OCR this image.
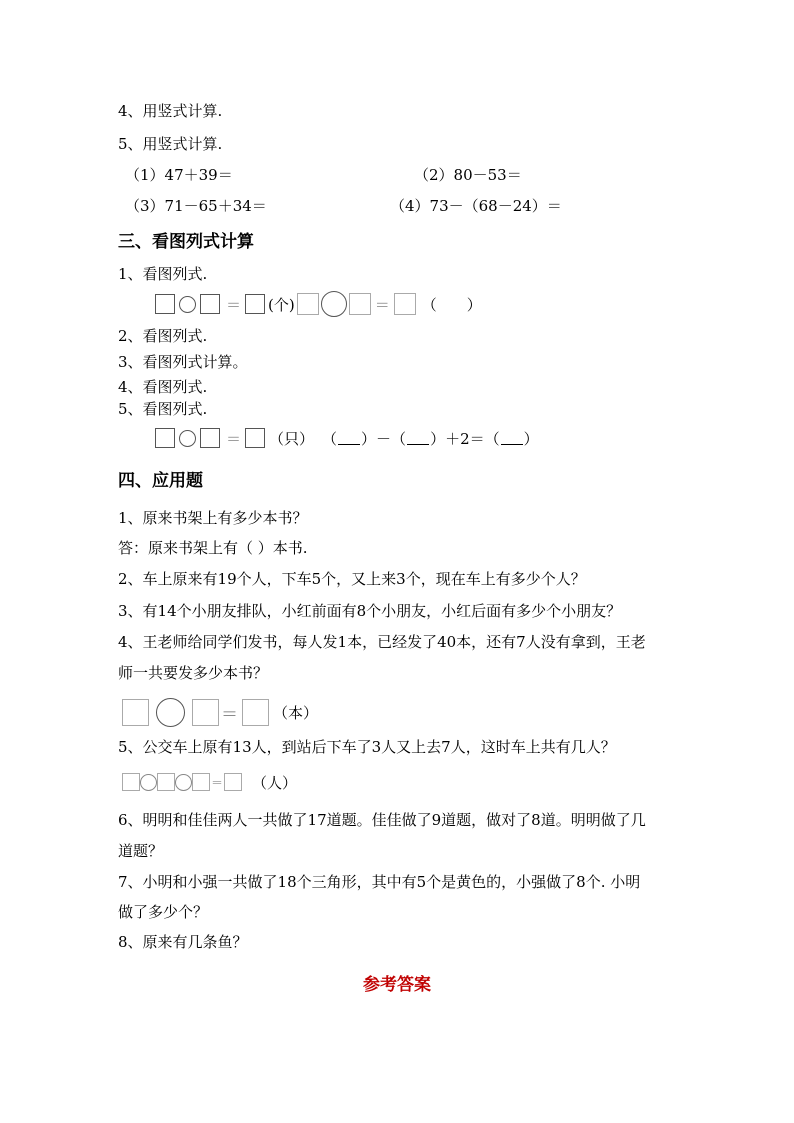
4、用竖式计算.
5、用竖式计算.
（1）47＋39＝	（2）80－53＝
（3）71－65＋34＝	（4）73－（68－24）＝
三、看图列式计算
1、看图列式.
＝ (个)	＝ （　　）
2、看图列式.
3、看图列式计算。
4、看图列式.
5、看图列式.
＝ （只） （ ）－（ ）＋2＝（ ）
四、应用题
1、原来书架上有多少本书？
答：原来书架上有（ ）本书.
2、车上原来有19个人，下车5个，又上来3个，现在车上有多少个人？
3、有14个小朋友排队，小红前面有8个小朋友，小红后面有多少个小朋友？
4、王老师给同学们发书，每人发1本，已经发了40本，还有7人没有拿到，王老
师一共要发多少本书？
＝ （本）
5、公交车上原有13人，到站后下车了3人又上去7人，这时车上共有几人？
＝ （人）
6、明明和佳佳两人一共做了17道题。佳佳做了9道题，做对了8道。明明做了几
道题？
7、小明和小强一共做了18个三角形，其中有5个是黄色的，小强做了8个. 小明
做了多少个？
8、原来有几条鱼？
参考答案
